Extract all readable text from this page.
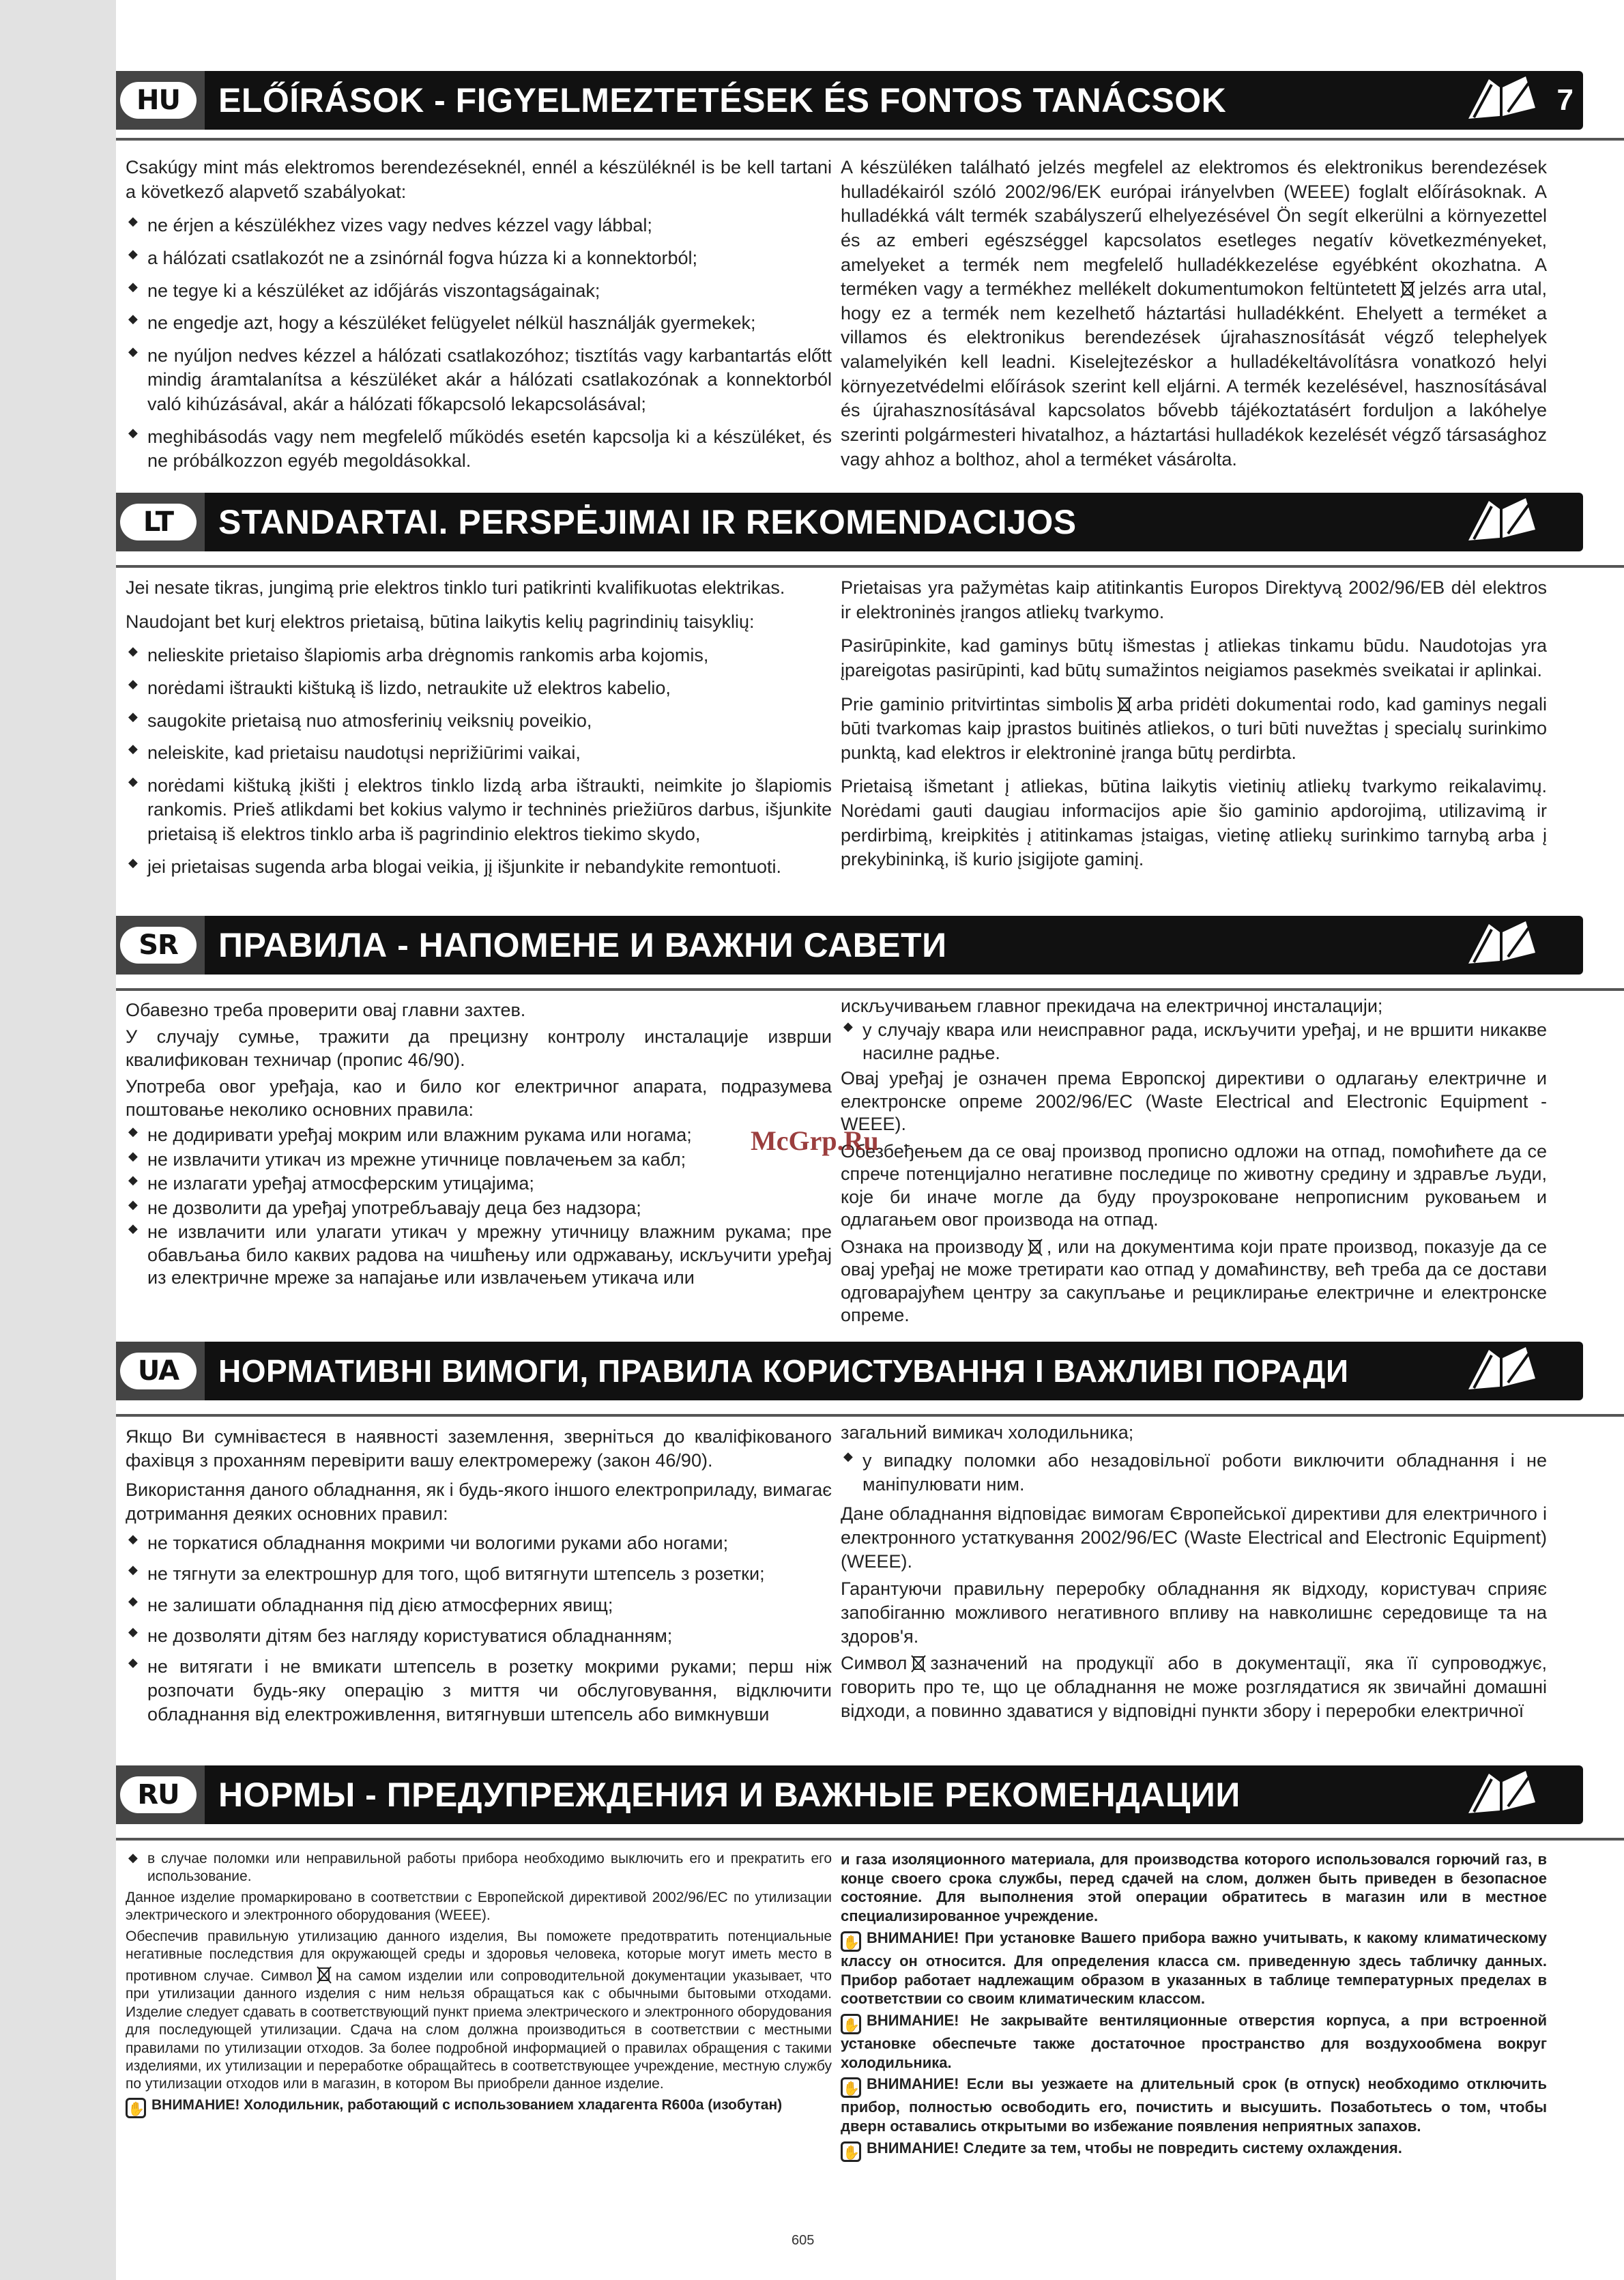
HU	ELŐÍRÁSOK - FIGYELMEZTETÉSEK ÉS FONTOS TANÁCSOK	7

Csakúgy mint más elektromos berendezéseknél, ennél a készüléknél is be kell tartani a következő alapvető szabályokat:

◆ ne érjen a készülékhez vizes vagy nedves kézzel vagy lábbal;
◆ a hálózati csatlakozót ne a zsinórnál fogva húzza ki a konnektorból;
◆ ne tegye ki a készüléket az időjárás viszontagságainak;
◆ ne engedje azt, hogy a készüléket felügyelet nélkül használják gyermekek;
◆ ne nyúljon nedves kézzel a hálózati csatlakozóhoz; tisztítás vagy karbantartás előtt mindig áramtalanítsa a készüléket akár a hálózati csatlakozónak a konnektorból való kihúzásával, akár a hálózati főkapcsoló lekapcsolásával;
◆ meghibásodás vagy nem megfelelő működés esetén kapcsolja ki a készüléket, és ne próbálkozzon egyéb megoldásokkal.

A készüléken található jelzés megfelel az elektromos és elektronikus berendezések hulladékairól szóló 2002/96/EK európai irányelvben (WEEE) foglalt előírásoknak. A hulladékká vált termék szabályszerű elhelyezésével Ön segít elkerülni a környezettel és az emberi egészséggel kapcsolatos esetleges negatív következményeket, amelyeket a termék nem megfelelő hulladékkezelése egyébként okozhatna. A terméken vagy a termékhez mellékelt dokumentumokon feltüntetett jelzés arra utal, hogy ez a termék nem kezelhető háztartási hulladékként. Ehelyett a terméket a villamos és elektronikus berendezések újrahasznosítását végző telephelyek valamelyikén kell leadni. Kiselejtezéskor a hulladékeltávolításra vonatkozó helyi környezetvédelmi előírások szerint kell eljárni. A termék kezelésével, hasznosításával és újrahasznosításával kapcsolatos bővebb tájékoztatásért forduljon a lakóhelye szerinti polgármesteri hivatalhoz, a háztartási hulladékok kezelését végző társasághoz vagy ahhoz a bolthoz, ahol a terméket vásárolta.

LT	STANDARTAI. PERSPĖJIMAI IR REKOMENDACIJOS

Jei nesate tikras, jungimą prie elektros tinklo turi patikrinti kvalifikuotas elektrikas.

Naudojant bet kurį elektros prietaisą, būtina laikytis kelių pagrindinių taisyklių:

◆ nelieskite prietaiso šlapiomis arba drėgnomis rankomis arba kojomis,
◆ norėdami ištraukti kištuką iš lizdo, netraukite už elektros kabelio,
◆ saugokite prietaisą nuo atmosferinių veiksnių poveikio,
◆ neleiskite, kad prietaisu naudotųsi neprižiūrimi vaikai,
◆ norėdami kištuką įkišti į elektros tinklo lizdą arba ištraukti, neimkite jo šlapiomis rankomis. Prieš atlikdami bet kokius valymo ir techninės priežiūros darbus, išjunkite prietaisą iš elektros tinklo arba iš pagrindinio elektros tiekimo skydo,
◆ jei prietaisas sugenda arba blogai veikia, jį išjunkite ir nebandykite remontuoti.

Prietaisas yra pažymėtas kaip atitinkantis Europos Direktyvą 2002/96/EB dėl elektros ir elektroninės įrangos atliekų tvarkymo.

Pasirūpinkite, kad gaminys būtų išmestas į atliekas tinkamu būdu. Naudotojas yra įpareigotas pasirūpinti, kad būtų sumažintos neigiamos pasekmės sveikatai ir aplinkai.

Prie gaminio pritvirtintas simbolis arba pridėti dokumentai rodo, kad gaminys negali būti tvarkomas kaip įprastos buitinės atliekos, o turi būti nuvežtas į specialų surinkimo punktą, kad elektros ir elektroninė įranga būtų perdirbta.

Prietaisą išmetant į atliekas, būtina laikytis vietinių atliekų tvarkymo reikalavimų. Norėdami gauti daugiau informacijos apie šio gaminio apdorojimą, utilizavimą ir perdirbimą, kreipkitės į atitinkamas įstaigas, vietinę atliekų surinkimo tarnybą arba į prekybininką, iš kurio įsigijote gaminį.

SR	ПРАВИЛА - НАПОМЕНЕ И ВАЖНИ САВЕТИ

Обавезно треба проверити овај главни захтев.

У случају сумње, тражити да прецизну контролу инсталације изврши квалификован техничар (пропис 46/90).

Употреба овог уређаја, као и било ког електричног апарата, подразумева поштовање неколико основних правила:

◆ не додиривати уређај мокрим или влажним рукама или ногама;
◆ не извлачити утикач из мрежне утичнице повлачењем за кабл;
◆ не излагати уређај атмосферским утицајима;
◆ не дозволити да уређај употребљавају деца без надзора;
◆ не извлачити или улагати утикач у мрежну утичницу влажним рукама; пре обављања било каквих радова на чишћењу или одржавању, искључити уређај из електричне мреже за напајање или извлачењем утикача или

искључивањем главног прекидача на електричној инсталацији;

◆ у случају квара или неисправног рада, искључити уређај, и не вршити никакве насилне радње.

Овај уређај је означен према Европској директиви о одлагању електричне и електронске опреме 2002/96/EC (Waste Electrical and Electronic Equipment - WEEE).

Обезбеђењем да се овај производ прописно одложи на отпад, помоћићете да се спрече потенцијално негативне последице по животну средину и здравље људи, које би иначе могле да буду проузроковане непрописним руковањем и одлагањем овог производа на отпад.

Ознака на производу , или на документима који прате производ, показује да се овај уређај не може третирати као отпад у домаћинству, већ треба да се достави одговарајућем центру за сакупљање и рециклирање електричне и електронске опреме.

McGrp.Ru
UA	НОРМАТИВНІ ВИМОГИ, ПРАВИЛА КОРИСТУВАННЯ І ВАЖЛИВІ ПОРАДИ

Якщо Ви сумніваєтеся в наявності заземлення, зверніться до кваліфікованого фахівця з проханням перевірити вашу електромережу (закон 46/90).

Використання даного обладнання, як і будь-якого іншого електроприладу, вимагає дотримання деяких основних правил:

◆ не торкатися обладнання мокрими чи вологими руками або ногами;
◆ не тягнути за електрошнур для того, щоб витягнути штепсель з розетки;
◆ не залишати обладнання під дією атмосферних явищ;
◆ не дозволяти дітям без нагляду користуватися обладнанням;
◆ не витягати і не вмикати штепсель в розетку мокрими руками; перш ніж розпочати будь-яку операцію з миття чи обслуговування, відключити обладнання від електроживлення, витягнувши штепсель або вимкнувши

загальний вимикач холодильника;

◆ у випадку поломки або незадовільної роботи виключити обладнання і не маніпулювати ним.

Дане обладнання відповідає вимогам Європейської директиви для електричного і електронного устаткування 2002/96/EC (Waste Electrical and Electronic Equipment) (WEEE).

Гарантуючи правильну переробку обладнання як відходу, користувач сприяє запобіганню можливого негативного впливу на навколишнє середовище та на здоров'я.

Символ зазначений на продукції або в документації, яка її супроводжує, говорить про те, що це обладнання не може розглядатися як звичайні домашні відходи, а повинно здаватися у відповідні пункти збору і переробки електричної

RU	НОРМЫ - ПРЕДУПРЕЖДЕНИЯ И ВАЖНЫЕ РЕКОМЕНДАЦИИ
◆ в случае поломки или неправильной работы прибора необходимо выключить его и прекратить его использование.

Данное изделие промаркировано в соответствии с Европейской директивой 2002/96/ЕС по утилизации электрического и электронного оборудования (WEEE).

Обеспечив правильную утилизацию данного изделия, Вы поможете предотвратить потенциальные негативные последствия для окружающей среды и здоровья человека, которые могут иметь место в противном случае. Символ на самом изделии или сопроводительной документации указывает, что при утилизации данного изделия с ним нельзя обращаться как с обычными бытовыми отходами. Изделие следует сдавать в соответствующий пункт приема электрического и электронного оборудования для последующей утилизации. Сдача на слом должна производиться в соответствии с местными правилами по утилизации отходов. За более подробной информацией о правилах обращения с такими изделиями, их утилизации и переработке обращайтесь в соответствующее учреждение, местную службу по утилизации отходов или в магазин, в котором Вы приобрели данное изделие.

✋ ВНИМАНИЕ! Холодильник, работающий с использованием хладагента R600a (изобутан)

и газа изоляционного материала, для производства которого использовался горючий газ, в конце своего срока службы, перед сдачей на слом, должен быть приведен в безопасное состояние. Для выполнения этой операции обратитесь в магазин или в местное специализированное учреждение.

✋ ВНИМАНИЕ! При установке Вашего прибора важно учитывать, к какому климатическому классу он относится. Для определения класса см. приведенную здесь табличку данных. Прибор работает надлежащим образом в указанных в таблице температурных пределах в соответствии со своим климатическим классом.

✋ ВНИМАНИЕ! Не закрывайте вентиляционные отверстия корпуса, а при встроенной установке обеспечьте также достаточное пространство для воздухообмена вокруг холодильника.

✋ ВНИМАНИЕ! Если вы уезжаете на длительный срок (в отпуск) необходимо отключить прибор, полностью освободить его, почистить и высушить. Позаботьтесь о том, чтобы дверн оставались открытыми во избежание появления неприятных запахов.

✋ ВНИМАНИЕ! Следите за тем, чтобы не повредить систему охлаждения.

605
